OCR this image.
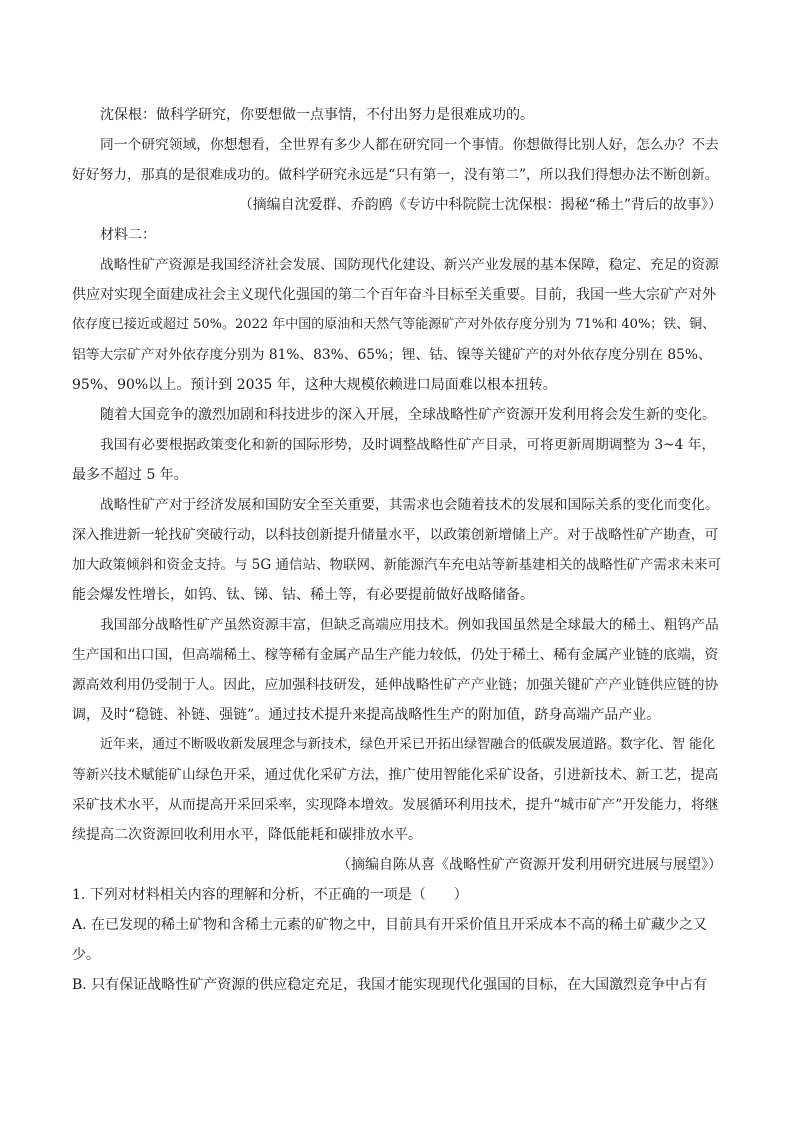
沈保根：做科学研究，你要想做一点事情，不付出努力是很难成功的。
同一个研究领域，你想想看，全世界有多少人都在研究同一个事情。你想做得比别人好，怎么办？不去
好好努力，那真的是很难成功的。做科学研究永远是“只有第一，没有第二”，所以我们得想办法不断创新。
（摘编自沈爱群、乔韵鸥《专访中科院院士沈保根：揭秘“稀土”背后的故事》）
材料二：
战略性矿产资源是我国经济社会发展、国防现代化建设、新兴产业发展的基本保障，稳定、充足的资源
供应对实现全面建成社会主义现代化强国的第二个百年奋斗目标至关重要。目前，我国一些大宗矿产对外
依存度已接近或超过 50%。2022 年中国的原油和天然气等能源矿产对外依存度分别为 71%和 40%；铁、铜、
铝等大宗矿产对外依存度分别为 81%、83%、65%；锂、钴、镍等关键矿产的对外依存度分别在 85%、
95%、90%以上。预计到 2035 年，这种大规模依赖进口局面难以根本扭转。
随着大国竞争的激烈加剧和科技进步的深入开展，全球战略性矿产资源开发利用将会发生新的变化。
我国有必要根据政策变化和新的国际形势，及时调整战略性矿产目录，可将更新周期调整为 3~4 年，
最多不超过 5 年。
战略性矿产对于经济发展和国防安全至关重要，其需求也会随着技术的发展和国际关系的变化而变化。
深入推进新一轮找矿突破行动，以科技创新提升储量水平，以政策创新增储上产。对于战略性矿产勘查，可
加大政策倾斜和资金支持。与 5G 通信站、物联网、新能源汽车充电站等新基建相关的战略性矿产需求未来可
能会爆发性增长，如钨、钛、锑、钴、稀土等，有必要提前做好战略储备。
我国部分战略性矿产虽然资源丰富，但缺乏高端应用技术。例如我国虽然是全球最大的稀土、粗钨产品
生产国和出口国，但高端稀土、稼等稀有金属产品生产能力较低，仍处于稀土、稀有金属产业链的底端，资
源高效利用仍受制于人。因此，应加强科技研发，延伸战略性矿产产业链；加强关键矿产产业链供应链的协
调，及时“稳链、补链、强链”。通过技术提升来提高战略性生产的附加值，跻身高端产品产业。
近年来，通过不断吸收新发展理念与新技术，绿色开采已开拓出绿智融合的低碳发展道路。数字化、智 能化
等新兴技术赋能矿山绿色开采，通过优化采矿方法，推广使用智能化采矿设备，引进新技术、新工艺，提高
采矿技术水平，从而提高开采回采率，实现降本增效。发展循环利用技术，提升“城市矿产”开发能力，将继
续提高二次资源回收利用水平，降低能耗和碳排放水平。
（摘编自陈从喜《战略性矿产资源开发利用研究进展与展望》）
1. 下列对材料相关内容的理解和分析，不正确的一项是（　　）
A. 在已发现的稀土矿物和含稀土元素的矿物之中，目前具有开采价值且开采成本不高的稀土矿藏少之又
少。
B. 只有保证战略性矿产资源的供应稳定充足，我国才能实现现代化强国的目标，在大国激烈竞争中占有
